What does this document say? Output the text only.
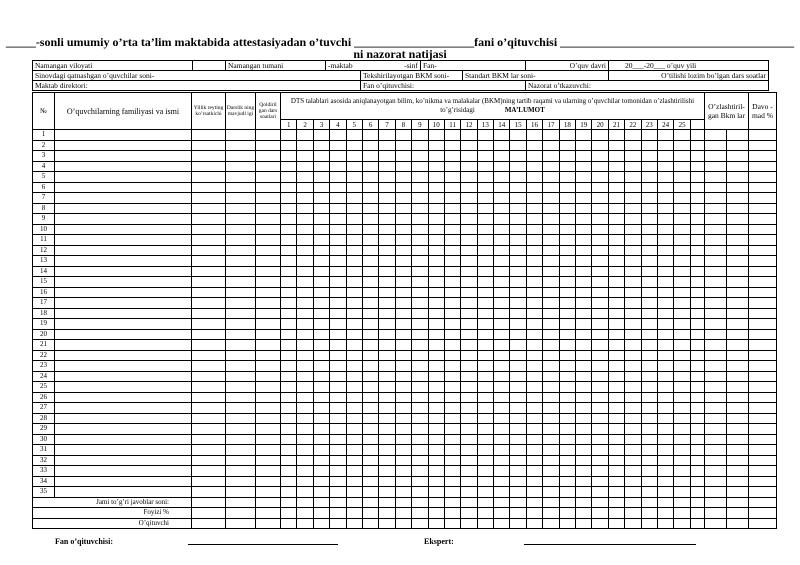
_____-sonli umumiy o’rta ta’lim maktabida attestasiyadan o’tuvchi ____________________fani o’qituvchisi _______________________________________
ni nazorat natijasi
Namangan viloyati		Namangan tumani	-maktab	-sinf	Fan-		O’quv davri	20___-20___ o’quv yili
Sinovdagi qatnashgan o’quvchilar soni-				Tekshirilayotgan BKM soni-		Standart BKM lar soni-		O’tilishi lozim bo’lgan dars soatlar
Maktab direktori:				Fan o’qituvchisi:			Nazorat o’tkazuvchi:	
№	O’quvchilarning familiyasi va ismi	Yillik reyting ko’rsatkichi	Darslik ning mavjudl igi	Qoldiril gan dars soatlari	DTS talablari asosida aniqlanayotgan bilim, ko’nikma va malakalar (BKM)ning tartib raqami va ularning o’quvchilar tomonidan o’zlashtirilishi to’g’risidagi MA’LUMOT																										O’zlashtiril-gan Bkm lar		Davo -mad %
					1	2	3	4	5	6	7	8	9	10	11	12	13	14	15	16	17	18	19	20	21	22	23	24	25				
1																																	
2																																	
3																																	
4																																	
5																																	
6																																	
7																																	
8																																	
9																																	
10																																	
11																																	
12																																	
13																																	
14																																	
15																																	
16																																	
17																																	
18																																	
19																																	
20																																	
21																																	
22																																	
23																																	
24																																	
25																																	
26																																	
27																																	
28																																	
29																																	
30																																	
31																																	
32																																	
33																																	
34																																	
35																																	
Jami to’g’ri javoblar soni:																																	
Foyizi %																																	
O’qituvchi																																	
Fan o’qituvchisi:	Ekspert:
